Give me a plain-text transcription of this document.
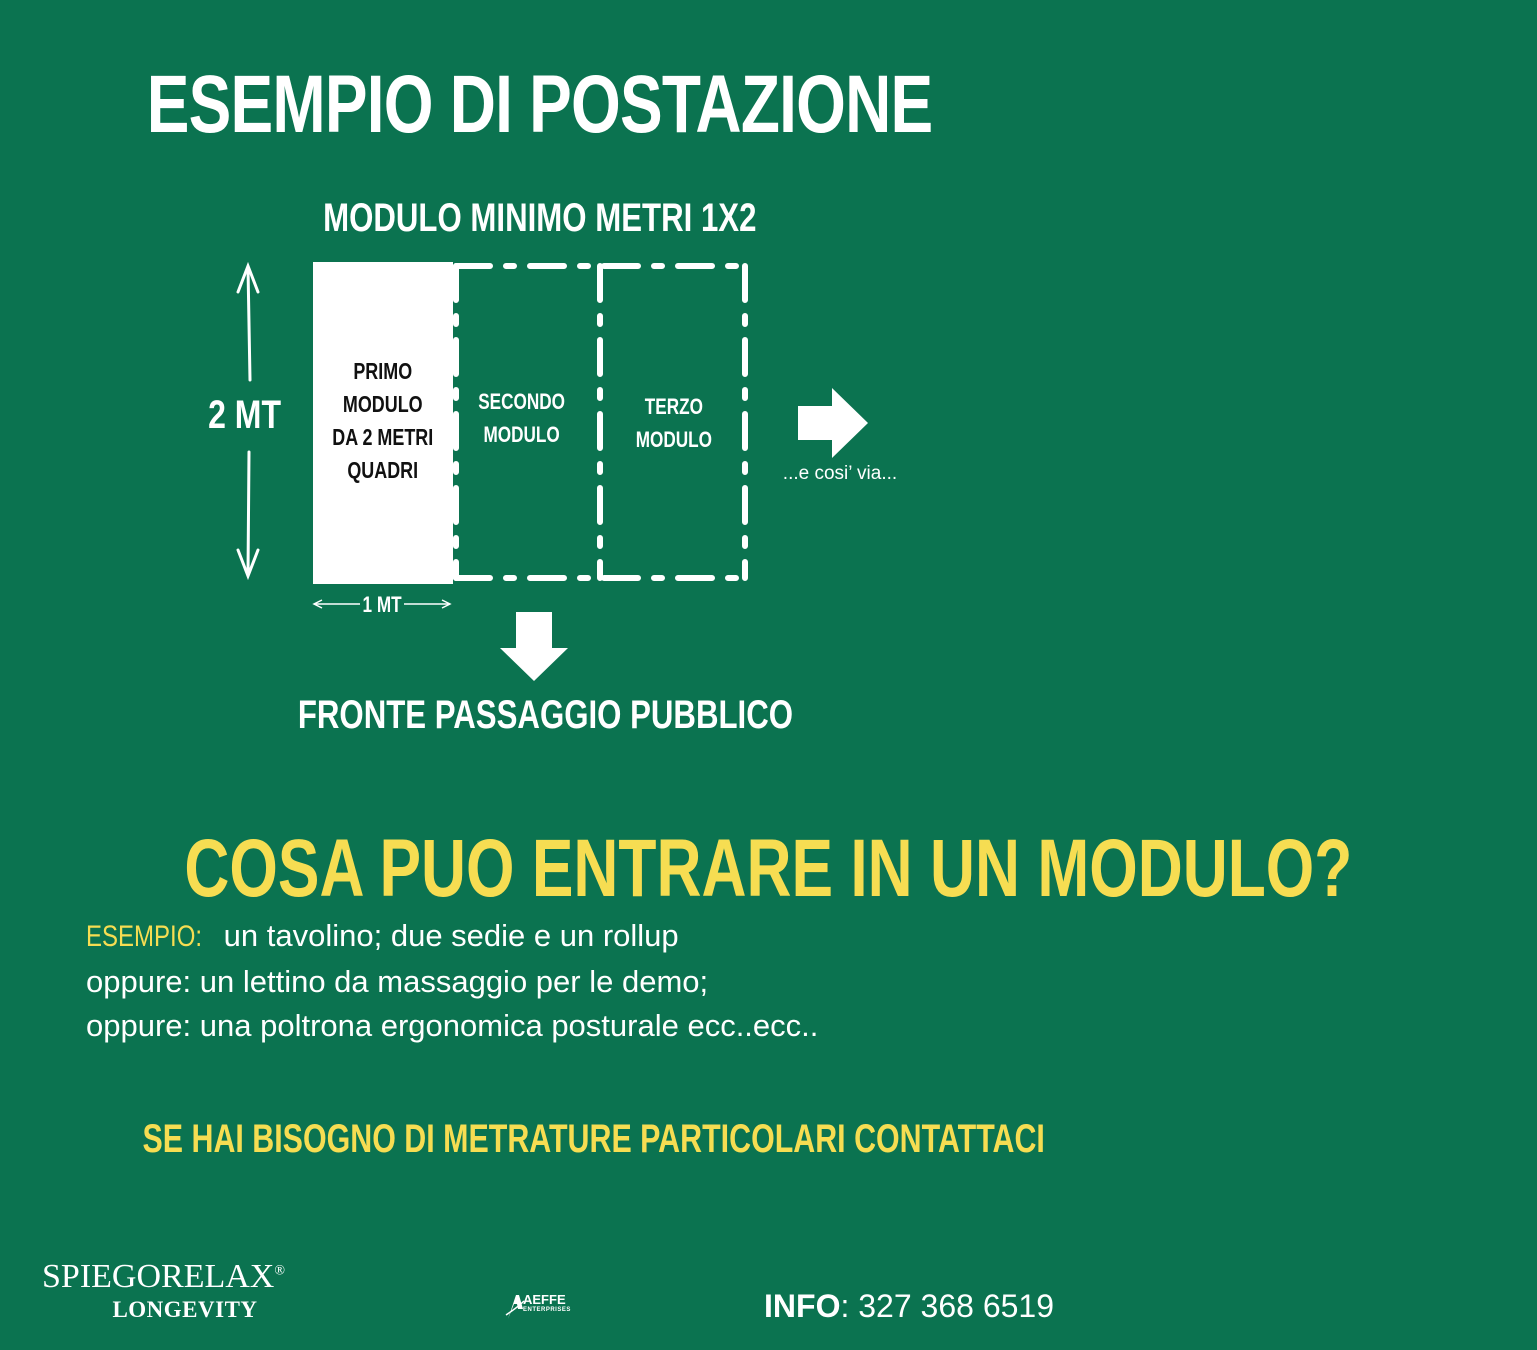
ESEMPIO DI POSTAZIONE
MODULO MINIMO METRI 1X2
PRIMO
MODULO
DA 2 METRI
QUADRI
SECONDO
MODULO
TERZO
MODULO
2 MT
1 MT
...e cosi’ via...
FRONTE PASSAGGIO PUBBLICO
COSA PUO ENTRARE IN UN MODULO?
ESEMPIO: un tavolino; due sedie e un rollup
oppure: un lettino da massaggio per le demo;
oppure: una poltrona ergonomica posturale ecc..ecc..
SE HAI BISOGNO DI METRATURE PARTICOLARI CONTATTACI
SPIEGORELAX®
LONGEVITY	AEFFE
ENTERPRISES	INFO: 327 368 6519
